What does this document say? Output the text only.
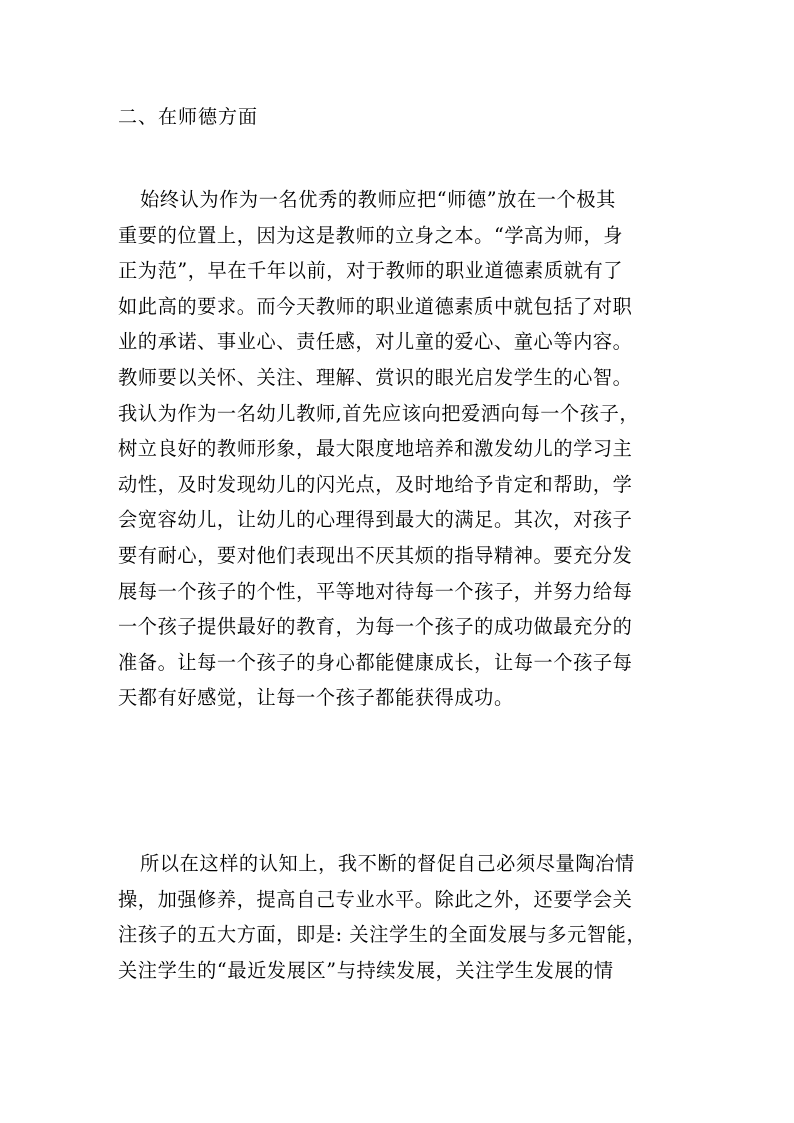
二、在师德方面
始终认为作为一名优秀的教师应把“师德”放在一个极其
重要的位置上，因为这是教师的立身之本。“学高为师，身
正为范”，早在千年以前，对于教师的职业道德素质就有了
如此高的要求。而今天教师的职业道德素质中就包括了对职
业的承诺、事业心、责任感，对儿童的爱心、童心等内容。
教师要以关怀、关注、理解、赏识的眼光启发学生的心智。
我认为作为一名幼儿教师,首先应该向把爱洒向每一个孩子，
树立良好的教师形象，最大限度地培养和激发幼儿的学习主
动性，及时发现幼儿的闪光点，及时地给予肯定和帮助，学
会宽容幼儿，让幼儿的心理得到最大的满足。其次，对孩子
要有耐心，要对他们表现出不厌其烦的指导精神。要充分发
展每一个孩子的个性，平等地对待每一个孩子，并努力给每
一个孩子提供最好的教育，为每一个孩子的成功做最充分的
准备。让每一个孩子的身心都能健康成长，让每一个孩子每
天都有好感觉，让每一个孩子都能获得成功。
所以在这样的认知上，我不断的督促自己必须尽量陶冶情
操，加强修养，提高自己专业水平。除此之外，还要学会关
注孩子的五大方面，即是: 关注学生的全面发展与多元智能，
关注学生的“最近发展区”与持续发展，关注学生发展的情
